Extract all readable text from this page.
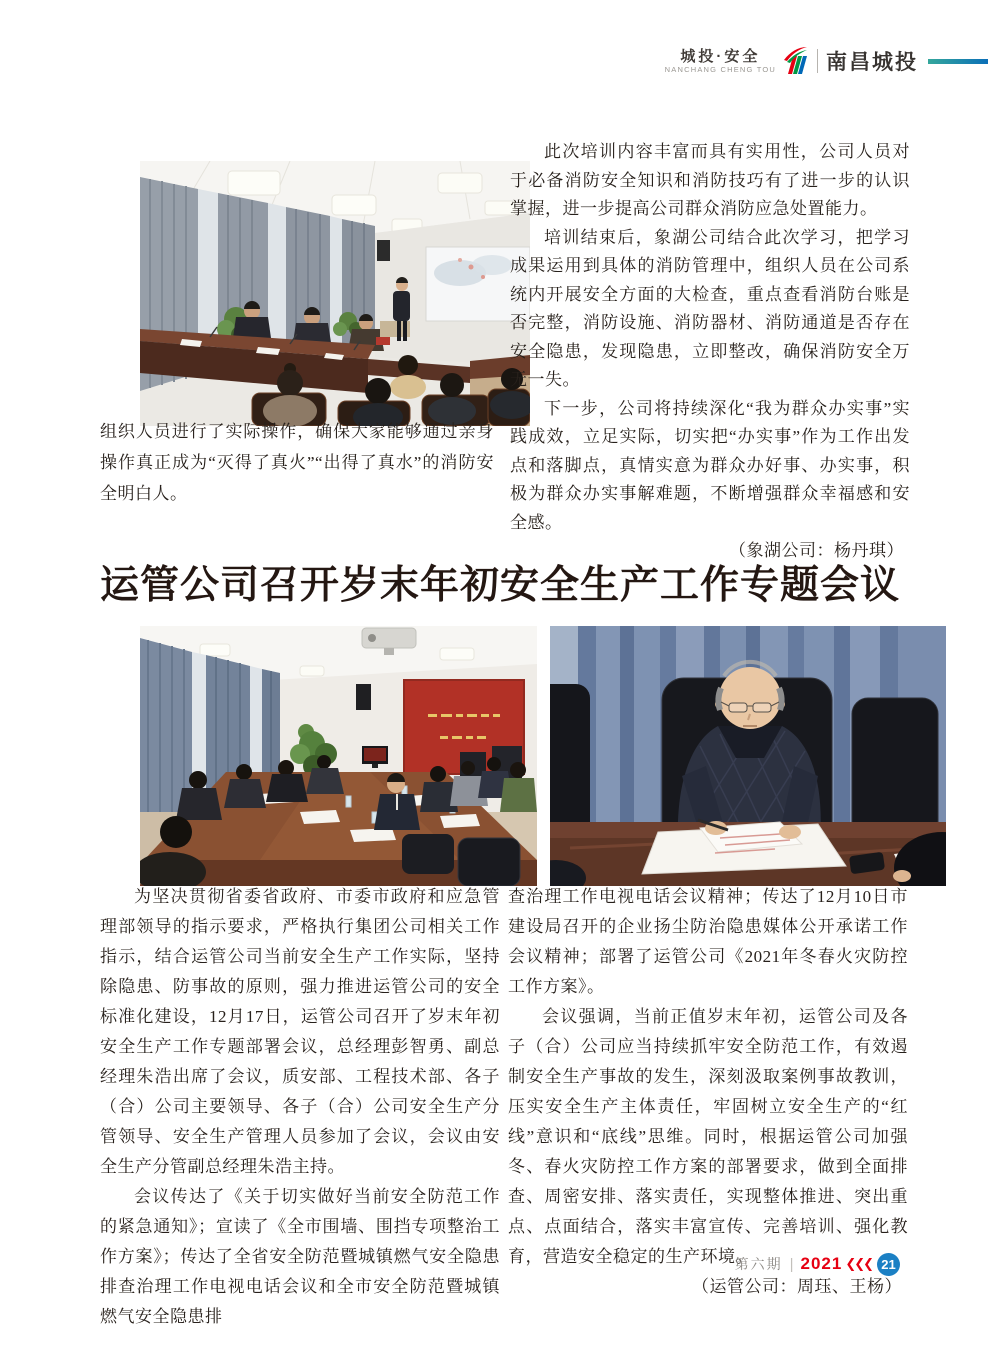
城投·安全
NANCHANG CHENG TOU 南昌城投

组织人员进行了实际操作，确保大家能够通过亲身操作真正成为“灭得了真火”“出得了真水”的消防安全明白人。

此次培训内容丰富而具有实用性，公司人员对于必备消防安全知识和消防技巧有了进一步的认识掌握，进一步提高公司群众消防应急处置能力。

培训结束后，象湖公司结合此次学习，把学习成果运用到具体的消防管理中，组织人员在公司系统内开展安全方面的大检查，重点查看消防台账是否完整，消防设施、消防器材、消防通道是否存在安全隐患，发现隐患，立即整改，确保消防安全万无一失。

下一步，公司将持续深化“我为群众办实事”实践成效，立足实际，切实把“办实事”作为工作出发点和落脚点，真情实意为群众办好事、办实事，积极为群众办实事解难题，不断增强群众幸福感和安全感。

（象湖公司：杨丹琪）

运管公司召开岁末年初安全生产工作专题会议

为坚决贯彻省委省政府、市委市政府和应急管理部领导的指示要求，严格执行集团公司相关工作指示，结合运管公司当前安全生产工作实际，坚持除隐患、防事故的原则，强力推进运管公司的安全标准化建设，12月17日，运管公司召开了岁末年初安全生产工作专题部署会议，总经理彭智勇、副总经理朱浩出席了会议，质安部、工程技术部、各子（合）公司主要领导、各子（合）公司安全生产分管领导、安全生产管理人员参加了会议，会议由安全生产分管副总经理朱浩主持。

会议传达了《关于切实做好当前安全防范工作的紧急通知》；宣读了《全市围墙、围挡专项整治工作方案》；传达了全省安全防范暨城镇燃气安全隐患排查治理工作电视电话会议和全市安全防范暨城镇燃气安全隐患排

查治理工作电视电话会议精神；传达了12月10日市建设局召开的企业扬尘防治隐患媒体公开承诺工作会议精神；部署了运管公司《2021年冬春火灾防控工作方案》。

会议强调，当前正值岁末年初，运管公司及各子（合）公司应当持续抓牢安全防范工作，有效遏制安全生产事故的发生，深刻汲取案例事故教训，压实安全生产主体责任，牢固树立安全生产的“红线”意识和“底线”思维。同时，根据运管公司加强冬、春火灾防控工作方案的部署要求，做到全面排查、周密安排、落实责任，实现整体推进、突出重点、点面结合，落实丰富宣传、完善培训、强化教育，营造安全稳定的生产环境。

（运管公司：周珏、王杨）

第六期 | 2021 ❮❮❮ 21
